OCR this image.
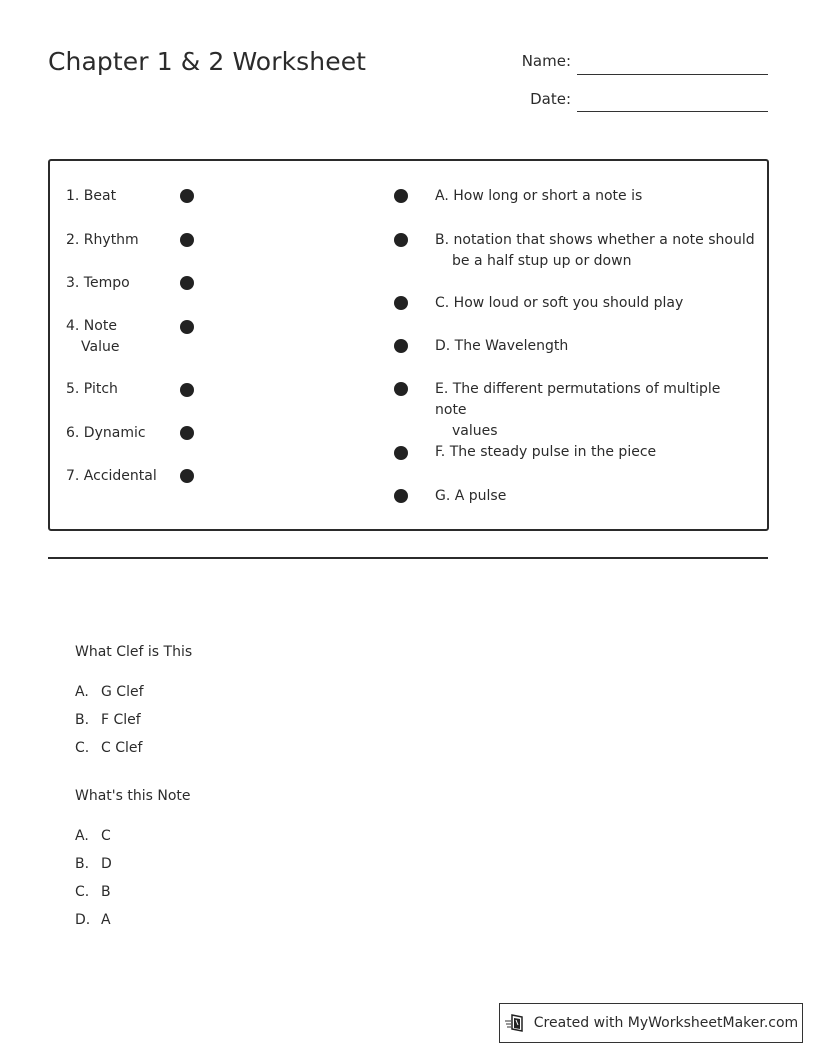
Chapter 1 & 2 Worksheet	Name:
Date:
1. Beat
2. Rhythm
3. Tempo
4. Note
Value
5. Pitch
6. Dynamic
7. Accidental
A. How long or short a note is
B. notation that shows whether a note should
be a half stup up or down
C. How loud or soft you should play
D. The Wavelength
E. The different permutations of multiple note
values
F. The steady pulse in the piece
G. A pulse
What Clef is This
A. G Clef
B. F Clef
C. C Clef
What's this Note
A. C
B. D
C. B
D. A
Created with MyWorksheetMaker.com
